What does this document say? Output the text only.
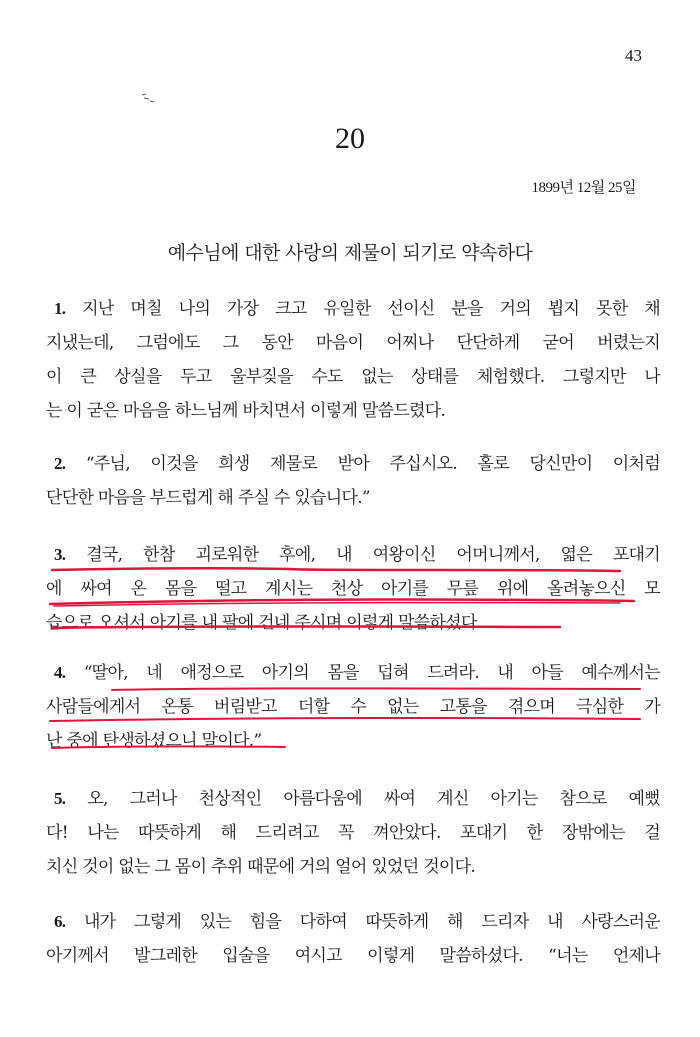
43
20
1899년 12월 25일
예수님에 대한 사랑의 제물이 되기로 약속하다
1. 지난 며칠 나의 가장 크고 유일한 선이신 분을 거의 뵙지 못한 채
지냈는데, 그럼에도 그 동안 마음이 어찌나 단단하게 굳어 버렸는지
이 큰 상실을 두고 울부짖을 수도 없는 상태를 체험했다. 그렇지만 나
는 이 굳은 마음을 하느님께 바치면서 이렇게 말씀드렸다.
2. “주님, 이것을 희생 제물로 받아 주십시오. 홀로 당신만이 이처럼
단단한 마음을 부드럽게 해 주실 수 있습니다.”
3. 결국, 한참 괴로워한 후에, 내 여왕이신 어머니께서, 엷은 포대기
에 싸여 온 몸을 떨고 계시는 천상 아기를 무릎 위에 올려놓으신 모
습으로 오셔서 아기를 내 팔에 건네 주시며 이렇게 말씀하셨다.
4. “딸아, 네 애정으로 아기의 몸을 덥혀 드려라. 내 아들 예수께서는
사람들에게서 온통 버림받고 더할 수 없는 고통을 겪으며 극심한 가
난 중에 탄생하셨으니 말이다.”
5. 오, 그러나 천상적인 아름다움에 싸여 계신 아기는 참으로 예뻤
다! 나는 따뜻하게 해 드리려고 꼭 껴안았다. 포대기 한 장밖에는 걸
치신 것이 없는 그 몸이 추위 때문에 거의 얼어 있었던 것이다.
6. 내가 그렇게 있는 힘을 다하여 따뜻하게 해 드리자 내 사랑스러운
아기께서 발그레한 입술을 여시고 이렇게 말씀하셨다. “너는 언제나
